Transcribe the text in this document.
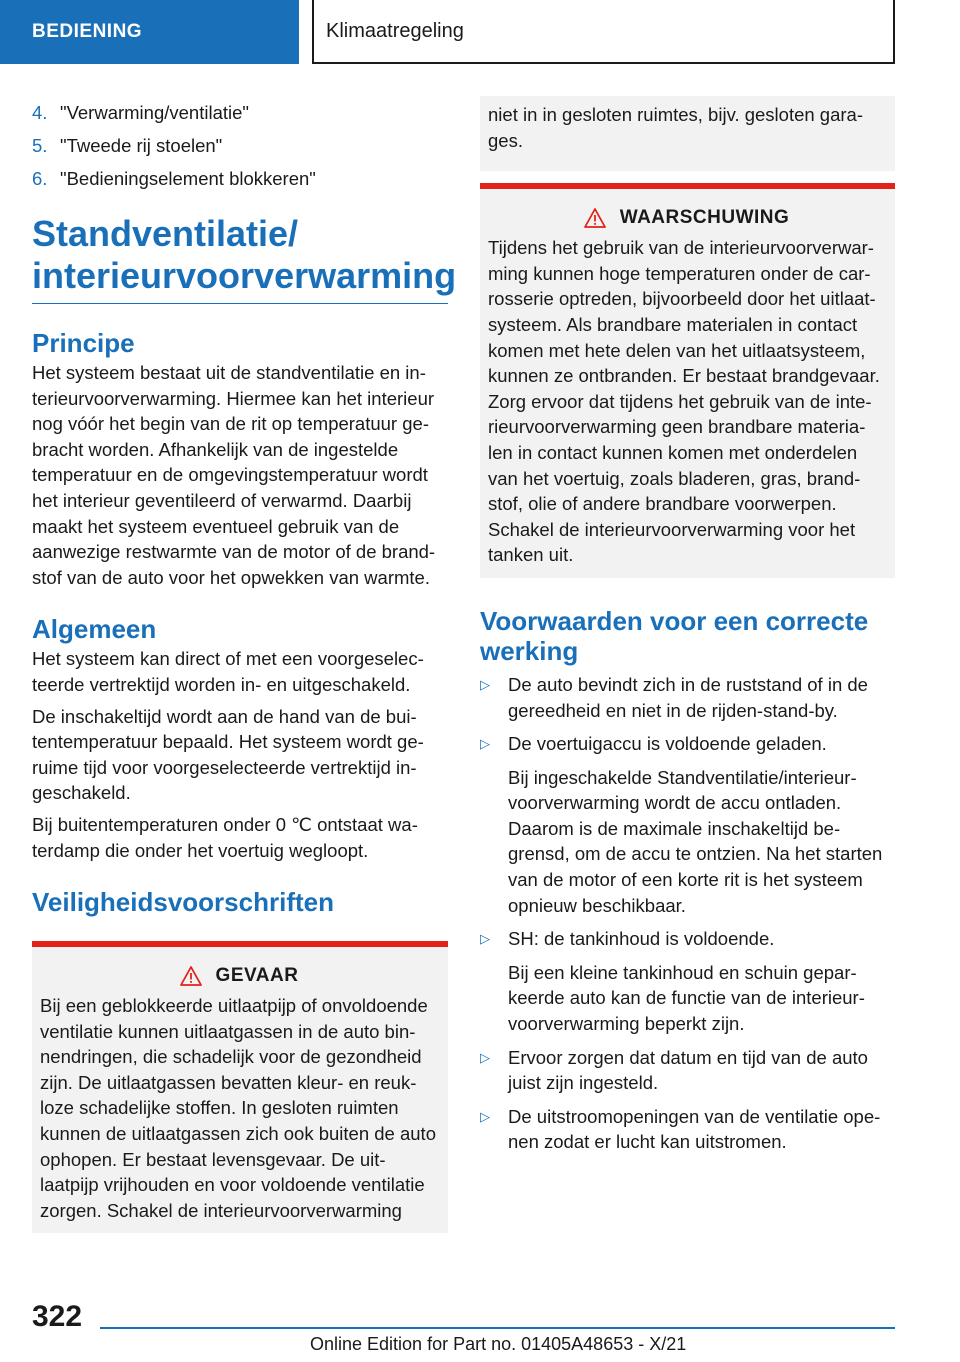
BEDIENING	Klimaatregeling
4. "Verwarming/ventilatie"
5. "Tweede rij stoelen"
6. "Bedieningselement blokkeren"
Standventilatie/
interieurvoorverwarming
Principe

Het systeem bestaat uit de standventilatie en in-terieurvoorverwarming. Hiermee kan het interieur nog vóór het begin van de rit op temperatuur ge-bracht worden. Afhankelijk van de ingestelde temperatuur en de omgevingstemperatuur wordt het interieur geventileerd of verwarmd. Daarbij maakt het systeem eventueel gebruik van de aanwezige restwarmte van de motor of de brand-stof van de auto voor het opwekken van warmte.

Algemeen

Het systeem kan direct of met een voorgeselec-teerde vertrektijd worden in- en uitgeschakeld.

De inschakeltijd wordt aan de hand van de bui-tentemperatuur bepaald. Het systeem wordt ge-ruime tijd voor voorgeselecteerde vertrektijd in-geschakeld.

Bij buitentemperaturen onder 0 ℃ ontstaat wa-terdamp die onder het voertuig wegloopt.

Veiligheidsvoorschriften
GEVAAR

Bij een geblokkeerde uitlaatpijp of onvoldoende ventilatie kunnen uitlaatgassen in de auto bin-nendringen, die schadelijk voor de gezondheid zijn. De uitlaatgassen bevatten kleur- en reuk-loze schadelijke stoffen. In gesloten ruimten kunnen de uitlaatgassen zich ook buiten de auto ophopen. Er bestaat levensgevaar. De uit-laatpijp vrijhouden en voor voldoende ventilatie zorgen. Schakel de interieurvoorverwarming

niet in in gesloten ruimtes, bijv. gesloten gara-ges.

WAARSCHUWING

Tijdens het gebruik van de interieurvoorverwar-ming kunnen hoge temperaturen onder de car-rosserie optreden, bijvoorbeeld door het uitlaat-systeem. Als brandbare materialen in contact komen met hete delen van het uitlaatsysteem, kunnen ze ontbranden. Er bestaat brandgevaar. Zorg ervoor dat tijdens het gebruik van de inte-rieurvoorverwarming geen brandbare materia-len in contact kunnen komen met onderdelen van het voertuig, zoals bladeren, gras, brand-stof, olie of andere brandbare voorwerpen. Schakel de interieurvoorverwarming voor het tanken uit.

Voorwaarden voor een correcte werking
▷ De auto bevindt zich in de ruststand of in de gereedheid en niet in de rijden-stand-by.
▷ De voertuigaccu is voldoende geladen.
Bij ingeschakelde Standventilatie/interieur-voorverwarming wordt de accu ontladen. Daarom is de maximale inschakeltijd be-grensd, om de accu te ontzien. Na het starten van de motor of een korte rit is het systeem opnieuw beschikbaar.
▷ SH: de tankinhoud is voldoende.
Bij een kleine tankinhoud en schuin gepar-keerde auto kan de functie van de interieur-voorverwarming beperkt zijn.
▷ Ervoor zorgen dat datum en tijd van de auto juist zijn ingesteld.
▷ De uitstroomopeningen van de ventilatie ope-nen zodat er lucht kan uitstromen.
322
Online Edition for Part no. 01405A48653 - X/21
